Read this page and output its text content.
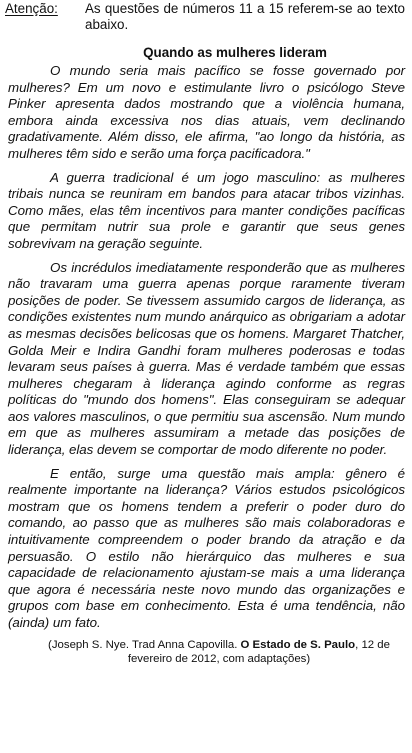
Atenção:	As questões de números 11 a 15 referem-se ao texto abaixo.
Quando as mulheres lideram

O mundo seria mais pacífico se fosse governado por mulheres? Em um novo e estimulante livro o psicólogo Steve Pinker apresenta dados mostrando que a violência humana, embora ainda excessiva nos dias atuais, vem declinando gradativamente. Além disso, ele afirma, "ao longo da história, as mulheres têm sido e serão uma força pacificadora."

A guerra tradicional é um jogo masculino: as mulheres tribais nunca se reuniram em bandos para atacar tribos vizinhas. Como mães, elas têm incentivos para manter condições pacíficas que permitam nutrir sua prole e garantir que seus genes sobrevivam na geração seguinte.

Os incrédulos imediatamente responderão que as mulheres não travaram uma guerra apenas porque raramente tiveram posições de poder. Se tivessem assumido cargos de liderança, as condições existentes num mundo anárquico as obrigariam a adotar as mesmas decisões belicosas que os homens. Margaret Thatcher, Golda Meir e Indira Gandhi foram mulheres poderosas e todas levaram seus países à guerra. Mas é verdade também que essas mulheres chegaram à liderança agindo conforme as regras políticas do "mundo dos homens". Elas conseguiram se adequar aos valores masculinos, o que permitiu sua ascensão. Num mundo em que as mulheres assumiram a metade das posições de liderança, elas devem se comportar de modo diferente no poder.

E então, surge uma questão mais ampla: gênero é realmente importante na liderança? Vários estudos psicológicos mostram que os homens tendem a preferir o poder duro do comando, ao passo que as mulheres são mais colaboradoras e intuitivamente compreendem o poder brando da atração e da persuasão. O estilo não hierárquico das mulheres e sua capacidade de relacionamento ajustam-se mais a uma liderança que agora é necessária neste novo mundo das organizações e grupos com base em conhecimento. Esta é uma tendência, não (ainda) um fato.

(Joseph S. Nye. Trad Anna Capovilla. O Estado de S. Paulo, 12 de fevereiro de 2012, com adaptações)
